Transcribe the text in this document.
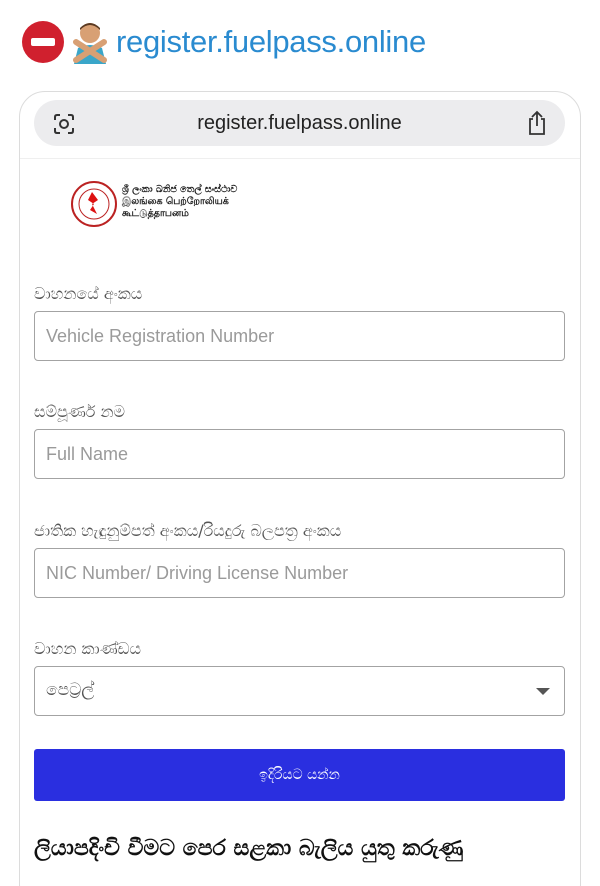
register.fuelpass.online
register.fuelpass.online
ශ්‍රී ලංකා ඛනිජ තෙල් සංස්ථාව
இலங்கை பெற்றோலியக்
கூட்டுத்தாபனம்
වාහනයේ අංකය
Vehicle Registration Number
සම්පූර්ණ නම
Full Name
ජාතික හැඳුනුම්පත් අංකය/රියදුරු බලපත්‍ර අංකය
NIC Number/ Driving License Number
වාහන කාණ්ඩය
පෙට්‍රල්
ඉදිරියට යන්න
ලියාපදිංචි වීමට පෙර සළකා බැලිය යුතු කරුණු
